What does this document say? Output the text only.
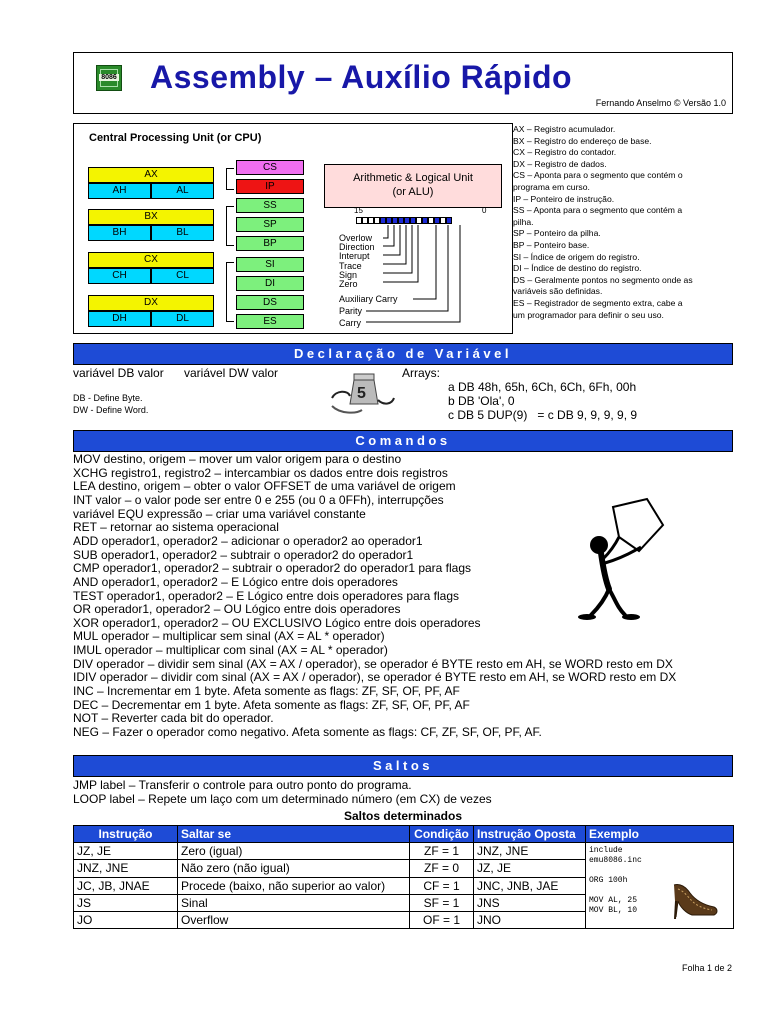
8086 Assembly – Auxílio Rápido
Fernando Anselmo © Versão 1.0
Central Processing Unit (or CPU)
AX
AH	AL
BX
BH	BL
CX
CH	CL
DX
DH	DL
CS
IP
SS
SP
BP
SI
DI
DS
ES
Arithmetic & Logical Unit
(or ALU)
15	0
Overlow
Direction
Interupt
Trace
Sign
Zero
Auxiliary Carry
Parity
Carry
AX – Registro acumulador.
BX – Registro do endereço de base.
CX – Registro do contador.
DX – Registro de dados.
CS – Aponta para o segmento que contém o
programa em curso.
IP – Ponteiro de instrução.
SS – Aponta para o segmento que contém a
pilha.
SP – Ponteiro da pilha.
BP – Ponteiro base.
SI – Índice de origem do registro.
DI – Índice de destino do registro.
DS – Geralmente pontos no segmento onde as
variáveis são definidas.
ES – Registrador de segmento extra, cabe a
um programador para definir o seu uso.
Declaração de Variável
variável DB valor variável DW valor
DB - Define Byte.
DW - Define Word.
5
Arrays:
a DB 48h, 65h, 6Ch, 6Ch, 6Fh, 00h
b DB 'Ola', 0
c DB 5 DUP(9)   = c DB 9, 9, 9, 9, 9
Comandos
MOV destino, origem – mover um valor origem para o destino
XCHG registro1, registro2 – intercambiar os dados entre dois registros
LEA destino, origem – obter o valor OFFSET de uma variável de origem
INT valor – o valor pode ser entre 0 e 255 (ou 0 a 0FFh), interrupções
variável EQU expressão – criar uma variável constante
RET – retornar ao sistema operacional
ADD operador1, operador2 – adicionar o operador2 ao operador1
SUB operador1, operador2 – subtrair o operador2 do operador1
CMP operador1, operador2 – subtrair o operador2 do operador1 para flags
AND operador1, operador2 – E Lógico entre dois operadores
TEST operador1, operador2 – E Lógico entre dois operadores para flags
OR operador1, operador2 – OU Lógico entre dois operadores
XOR operador1, operador2 – OU EXCLUSIVO Lógico entre dois operadores
MUL operador – multiplicar sem sinal (AX = AL * operador)
IMUL operador – multiplicar com sinal (AX = AL * operador)
DIV operador – dividir sem sinal (AX = AX / operador), se operador é BYTE resto em AH, se WORD resto em DX
IDIV operador – dividir com sinal (AX = AX / operador), se operador é BYTE resto em AH, se WORD resto em DX
INC – Incrementar em 1 byte. Afeta somente as flags: ZF, SF, OF, PF, AF
DEC – Decrementar em 1 byte. Afeta somente as flags: ZF, SF, OF, PF, AF
NOT – Reverter cada bit do operador.
NEG – Fazer o operador como negativo. Afeta somente as flags: CF, ZF, SF, OF, PF, AF.
Saltos
JMP label – Transferir o controle para outro ponto do programa.
LOOP label – Repete um laço com um determinado número (em CX) de vezes
Saltos determinados
Instrução	Saltar se	Condição	Instrução Oposta	Exemplo
JZ, JE	Zero (igual)	ZF = 1	JNZ, JNE	include
emu8086.inc
ORG 100h
MOV AL, 25
MOV BL, 10

JNZ, JNE	Não zero (não igual)	ZF = 0	JZ, JE	
JC, JB, JNAE	Procede (baixo, não superior ao valor)	CF = 1	JNC, JNB, JAE	
JS	Sinal	SF = 1	JNS	
JO	Overflow	OF = 1	JNO	
Folha 1 de 2
